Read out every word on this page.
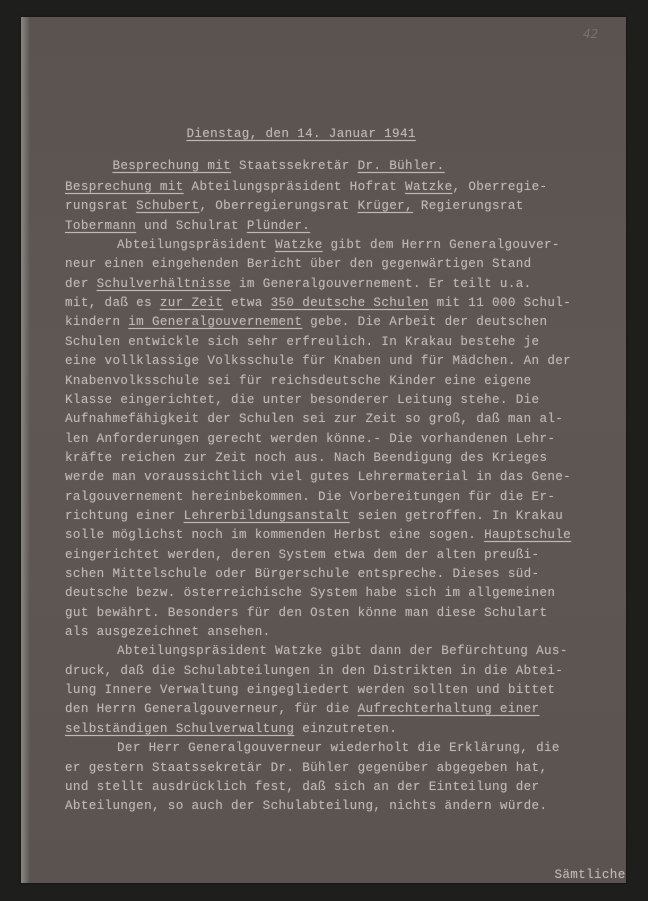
42

Dienstag, den 14. Januar 1941

Besprechung mit Staatssekretär Dr. Bühler.

Besprechung mit Abteilungspräsident Hofrat Watzke, Oberregie-
rungsrat Schubert, Oberregierungsrat Krüger, Regierungsrat
Tobermann und Schulrat Plünder.
Abteilungspräsident Watzke gibt dem Herrn Generalgouver-
neur einen eingehenden Bericht über den gegenwärtigen Stand
der Schulverhältnisse im Generalgouvernement. Er teilt u.a.
mit, daß es zur Zeit etwa 350 deutsche Schulen mit 11 000 Schul-
kindern im Generalgouvernement gebe. Die Arbeit der deutschen
Schulen entwickle sich sehr erfreulich. In Krakau bestehe je
eine vollklassige Volksschule für Knaben und für Mädchen. An der
Knabenvolksschule sei für reichsdeutsche Kinder eine eigene
Klasse eingerichtet, die unter besonderer Leitung stehe. Die
Aufnahmefähigkeit der Schulen sei zur Zeit so groß, daß man al-
len Anforderungen gerecht werden könne.- Die vorhandenen Lehr-
kräfte reichen zur Zeit noch aus. Nach Beendigung des Krieges
werde man voraussichtlich viel gutes Lehrermaterial in das Gene-
ralgouvernement hereinbekommen. Die Vorbereitungen für die Er-
richtung einer Lehrerbildungsanstalt seien getroffen. In Krakau
solle möglichst noch im kommenden Herbst eine sogen. Hauptschule
eingerichtet werden, deren System etwa dem der alten preußi-
schen Mittelschule oder Bürgerschule entspreche. Dieses süd-
deutsche bezw. österreichische System habe sich im allgemeinen
gut bewährt. Besonders für den Osten könne man diese Schulart
als ausgezeichnet ansehen.
Abteilungspräsident Watzke gibt dann der Befürchtung Aus-
druck, daß die Schulabteilungen in den Distrikten in die Abtei-
lung Innere Verwaltung eingegliedert werden sollten und bittet
den Herrn Generalgouverneur, für die Aufrechterhaltung einer
selbständigen Schulverwaltung einzutreten.
Der Herr Generalgouverneur wiederholt die Erklärung, die
er gestern Staatssekretär Dr. Bühler gegenüber abgegeben hat,
und stellt ausdrücklich fest, daß sich an der Einteilung der
Abteilungen, so auch der Schulabteilung, nichts ändern würde.

Sämtliche
